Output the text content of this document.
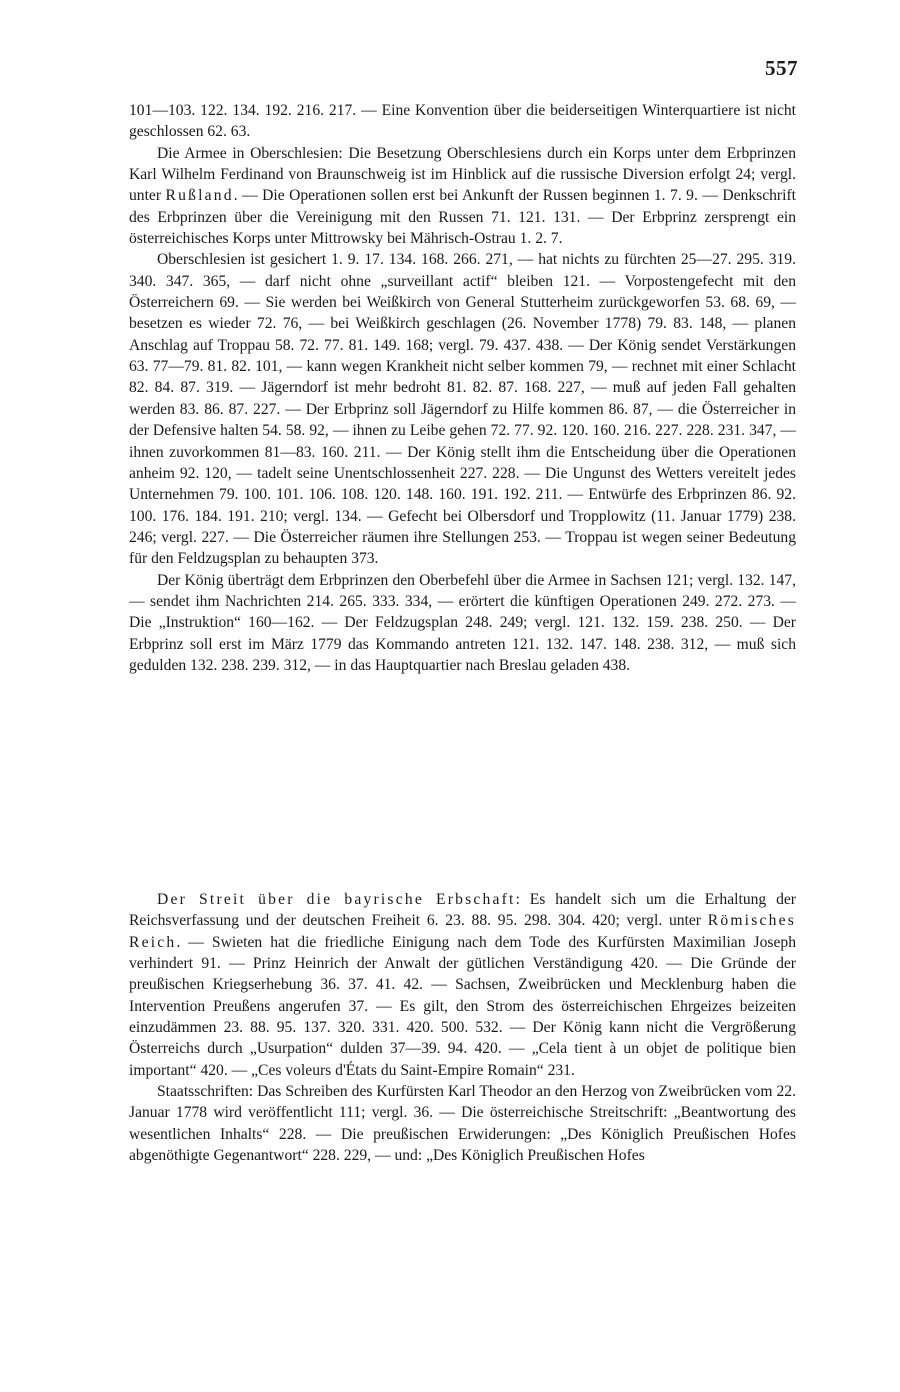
557

101—103. 122. 134. 192. 216. 217. — Eine Konvention über die beiderseitigen Winterquartiere ist nicht geschlossen 62. 63.

Die Armee in Oberschlesien: Die Besetzung Oberschlesiens durch ein Korps unter dem Erbprinzen Karl Wilhelm Ferdinand von Braunschweig ist im Hinblick auf die russische Diversion erfolgt 24; vergl. unter Rußland. — Die Operationen sollen erst bei Ankunft der Russen beginnen 1. 7. 9. — Denkschrift des Erbprinzen über die Vereinigung mit den Russen 71. 121. 131. — Der Erbprinz zersprengt ein österreichisches Korps unter Mittrowsky bei Mährisch-Ostrau 1. 2. 7.

Oberschlesien ist gesichert 1. 9. 17. 134. 168. 266. 271, — hat nichts zu fürchten 25—27. 295. 319. 340. 347. 365, — darf nicht ohne „surveillant actif“ bleiben 121. — Vorpostengefecht mit den Österreichern 69. — Sie werden bei Weißkirch von General Stutterheim zurückgeworfen 53. 68. 69, — besetzen es wieder 72. 76, — bei Weißkirch geschlagen (26. November 1778) 79. 83. 148, — planen Anschlag auf Troppau 58. 72. 77. 81. 149. 168; vergl. 79. 437. 438. — Der König sendet Verstärkungen 63. 77—79. 81. 82. 101, — kann wegen Krankheit nicht selber kommen 79, — rechnet mit einer Schlacht 82. 84. 87. 319. — Jägerndorf ist mehr bedroht 81. 82. 87. 168. 227, — muß auf jeden Fall gehalten werden 83. 86. 87. 227. — Der Erbprinz soll Jägerndorf zu Hilfe kommen 86. 87, — die Österreicher in der Defensive halten 54. 58. 92, — ihnen zu Leibe gehen 72. 77. 92. 120. 160. 216. 227. 228. 231. 347, — ihnen zuvorkommen 81—83. 160. 211. — Der König stellt ihm die Entscheidung über die Operationen anheim 92. 120, — tadelt seine Unentschlossenheit 227. 228. — Die Ungunst des Wetters vereitelt jedes Unternehmen 79. 100. 101. 106. 108. 120. 148. 160. 191. 192. 211. — Entwürfe des Erbprinzen 86. 92. 100. 176. 184. 191. 210; vergl. 134. — Gefecht bei Olbersdorf und Tropplowitz (11. Januar 1779) 238. 246; vergl. 227. — Die Österreicher räumen ihre Stellungen 253. — Troppau ist wegen seiner Bedeutung für den Feldzugsplan zu behaupten 373.

Der König überträgt dem Erbprinzen den Oberbefehl über die Armee in Sachsen 121; vergl. 132. 147, — sendet ihm Nachrichten 214. 265. 333. 334, — erörtert die künftigen Operationen 249. 272. 273. — Die „Instruktion“ 160—162. — Der Feldzugsplan 248. 249; vergl. 121. 132. 159. 238. 250. — Der Erbprinz soll erst im März 1779 das Kommando antreten 121. 132. 147. 148. 238. 312, — muß sich gedulden 132. 238. 239. 312, — in das Hauptquartier nach Breslau geladen 438.

Der Streit über die bayrische Erbschaft: Es handelt sich um die Erhaltung der Reichsverfassung und der deutschen Freiheit 6. 23. 88. 95. 298. 304. 420; vergl. unter Römisches Reich. — Swieten hat die friedliche Einigung nach dem Tode des Kurfürsten Maximilian Joseph verhindert 91. — Prinz Heinrich der Anwalt der gütlichen Verständigung 420. — Die Gründe der preußischen Kriegserhebung 36. 37. 41. 42. — Sachsen, Zweibrücken und Mecklenburg haben die Intervention Preußens angerufen 37. — Es gilt, den Strom des österreichischen Ehrgeizes beizeiten einzudämmen 23. 88. 95. 137. 320. 331. 420. 500. 532. — Der König kann nicht die Vergrößerung Österreichs durch „Usurpation“ dulden 37—39. 94. 420. — „Cela tient à un objet de politique bien important“ 420. — „Ces voleurs d'États du Saint-Empire Romain“ 231.

Staatsschriften: Das Schreiben des Kurfürsten Karl Theodor an den Herzog von Zweibrücken vom 22. Januar 1778 wird veröffentlicht 111; vergl. 36. — Die österreichische Streitschrift: „Beantwortung des wesentlichen Inhalts“ 228. — Die preußischen Erwiderungen: „Des Königlich Preußischen Hofes abgenöthigte Gegenantwort“ 228. 229, — und: „Des Königlich Preußischen Hofes
